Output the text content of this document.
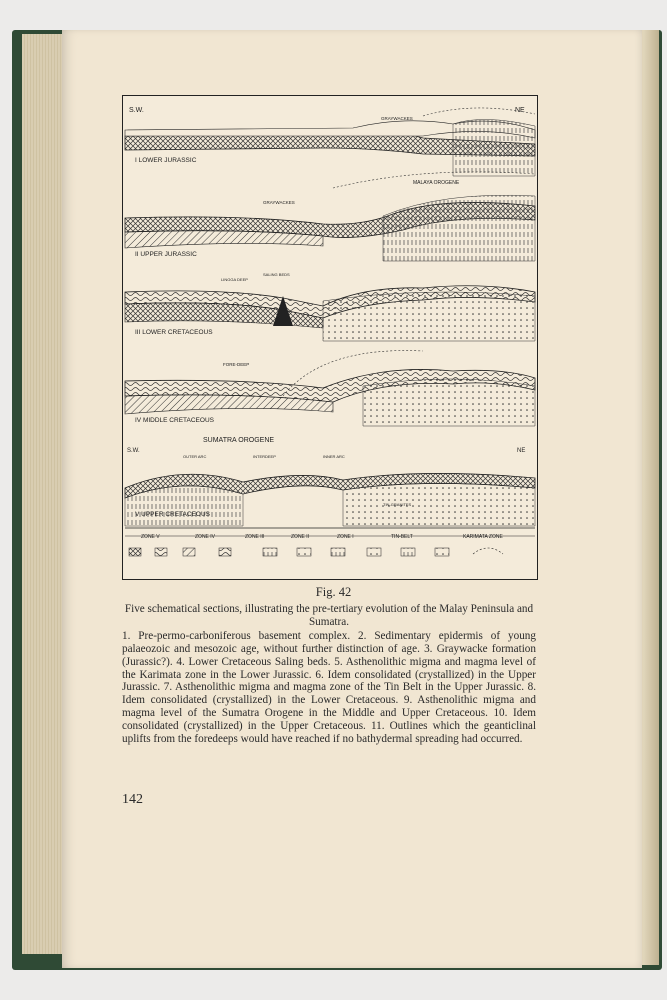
S.W.	NE
I LOWER JURASSIC
GRAYWACKES
II UPPER JURASSIC
GRAYWACKES
MALAYA OROGENE
III LOWER CRETACEOUS
LINGGA DEEP
SALING BEDS
IV MIDDLE CRETACEOUS
FORE-DEEP
S.W.	NE
SUMATRA OROGENE
OUTER ARC	INTERDEEP	INNER ARC
V UPPER CRETACEOUS
TIN-GRANITES
ZONE V	ZONE IV	ZONE III	ZONE II	ZONE I	TIN-BELT	KARIMATA ZONE
Fig. 42

Five schematical sections, illustrating the pre-tertiary evolution of the Malay Peninsula and Sumatra.

1. Pre-permo-carboniferous basement complex. 2. Sedimentary epidermis of young palaeozoic and mesozoic age, without further distinction of age. 3. Graywacke formation (Jurassic?). 4. Lower Cretaceous Saling beds. 5. Asthenolithic migma and magma level of the Karimata zone in the Lower Jurassic. 6. Idem consolidated (crystallized) in the Upper Jurassic. 7. Asthenolithic migma and magma zone of the Tin Belt in the Upper Jurassic. 8. Idem consolidated (crystallized) in the Lower Cretaceous. 9. Asthenolithic migma and magma level of the Sumatra Orogene in the Middle and Upper Cretaceous. 10. Idem consolidated (crystallized) in the Upper Cretaceous. 11. Outlines which the geanticlinal uplifts from the foredeeps would have reached if no bathydermal spreading had occurred.

142
